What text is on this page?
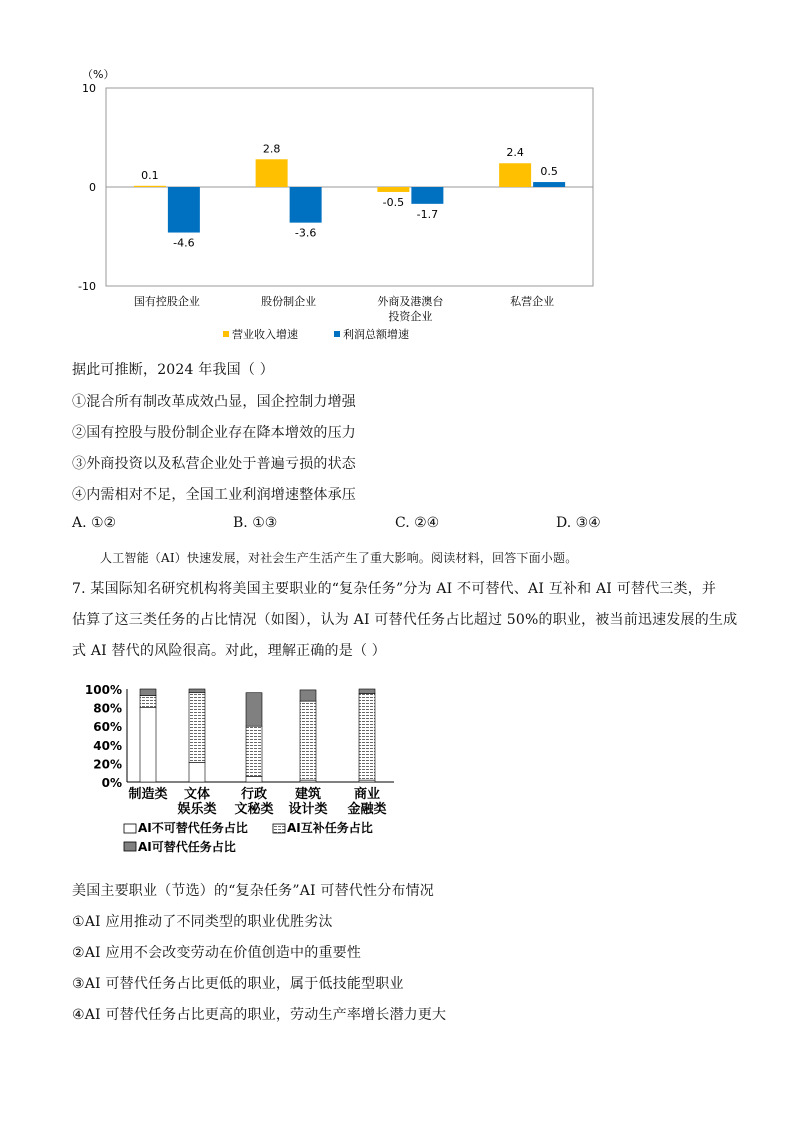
（%）
10
0
-10
0.1
-4.6
2.8
-3.6
-0.5
-1.7
2.4
0.5
国有控股企业	股份制企业	外商及港澳台
投资企业
私营企业
营业收入增速	利润总额增速
据此可推断，2024 年我国（ ）
①混合所有制改革成效凸显，国企控制力增强
②国有控股与股份制企业存在降本增效的压力
③外商投资以及私营企业处于普遍亏损的状态
④内需相对不足，全国工业利润增速整体承压
A. ①②	B. ①③	C. ②④	D. ③④
人工智能（AI）快速发展，对社会生产生活产生了重大影响。阅读材料，回答下面小题。
7. 某国际知名研究机构将美国主要职业的“复杂任务”分为 AI 不可替代、AI 互补和 AI 可替代三类，并
估算了这三类任务的占比情况（如图），认为 AI 可替代任务占比超过 50%的职业，被当前迅速发展的生成
式 AI 替代的风险很高。对此，理解正确的是（ ）
100%
80%
60%
40%
20%
0%
制造类 文体
娱乐类
行政
文秘类
建筑
设计类
商业
金融类
AI不可替代任务占比	AI互补任务占比
AI可替代任务占比
美国主要职业（节选）的“复杂任务”AI 可替代性分布情况
①AI 应用推动了不同类型的职业优胜劣汰
②AI 应用不会改变劳动在价值创造中的重要性
③AI 可替代任务占比更低的职业，属于低技能型职业
④AI 可替代任务占比更高的职业，劳动生产率增长潜力更大
